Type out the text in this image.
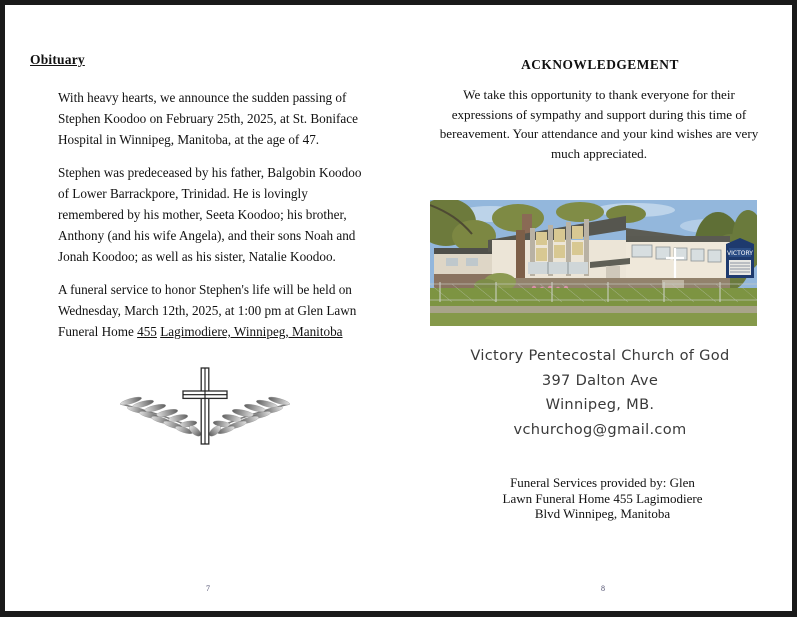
Obituary

With heavy hearts, we announce the sudden passing of Stephen Koodoo on February 25th, 2025, at St. Boniface Hospital in Winnipeg, Manitoba, at the age of 47.

Stephen was predeceased by his father, Balgobin Koodoo of Lower Barrackpore, Trinidad. He is lovingly remembered by his mother, Seeta Koodoo; his brother, Anthony (and his wife Angela), and their sons Noah and Jonah Koodoo; as well as his sister, Natalie Koodoo.

A funeral service to honor Stephen's life will be held on Wednesday, March 12th, 2025, at 1:00 pm at Glen Lawn Funeral Home 455 Lagimodiere, Winnipeg, Manitoba

7
ACKNOWLEDGEMENT
We take this opportunity to thank everyone for their expressions of sympathy and support during this time of bereavement. Your attendance and your kind wishes are very much appreciated.
VICTORY
Victory Pentecostal Church of God
397 Dalton Ave
Winnipeg, MB.
vchurchog@gmail.com
Funeral Services provided by: Glen Lawn Funeral Home 455 Lagimodiere Blvd Winnipeg, Manitoba
8
